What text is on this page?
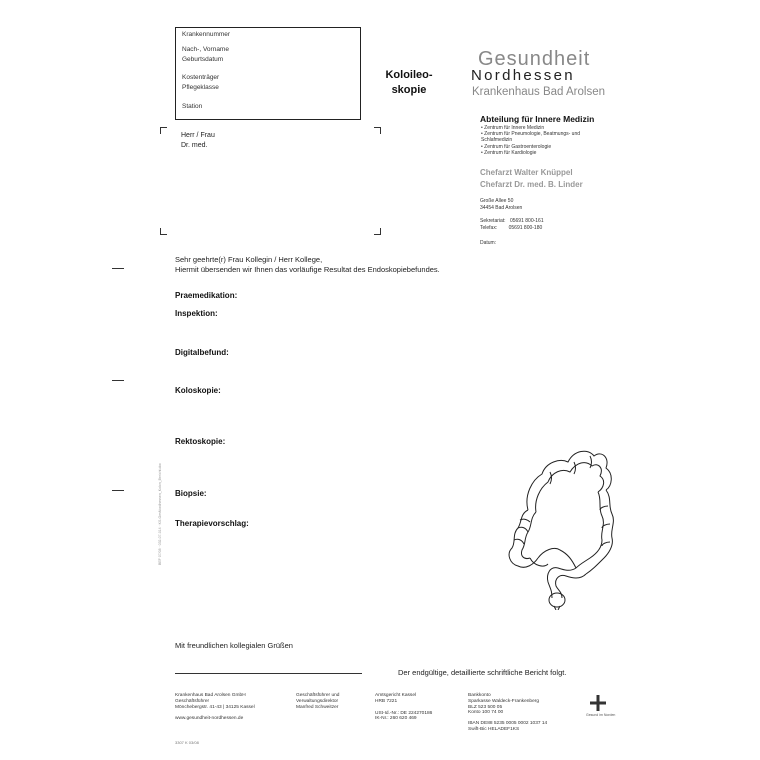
Krankennummer
Nach-, Vorname
Geburtsdatum
Kostenträger
Pflegeklasse
Station
Herr / Frau
Dr. med.
Koloileo-
skopie
Gesundheit
Nordhessen
Krankenhaus Bad Arolsen
Abteilung für Innere Medizin
• Zentrum für Innere Medizin
• Zentrum für Pneumologie, Beatmungs- und Schlafmedizin
• Zentrum für Gastroenterologie
• Zentrum für Kardiologie
Chefarzt Walter Knüppel
Chefarzt Dr. med. B. Linder
Große Allee 50
34454 Bad Arolsen
Sekretariat: 05691 800-161
Telefax: 05691 800-180
Datum:
Sehr geehrte(r) Frau Kollegin / Herr Kollege,
Hiermit übersenden wir Ihnen das vorläufige Resultat des Endoskopiebefundes.
Praemedikation:
Inspektion:
Digitalbefund:
Koloskopie:
Rektoskopie:
Biopsie:
Therapievorschlag:
BEF 07/08 · 032-07-014 · KS-GesNordhessen_Kolon_Bericht.doc
Mit freundlichen kollegialen Grüßen
Der endgültige, detaillierte schriftliche Bericht folgt.
Krankenhaus Bad Arolsen GmbH
Geschäftsführer
Mönchebergstr. 41-43 | 34125 Kassel
www.gesundheit-nordhessen.de
Geschäftsführer und
Verwaltungsdirektor
Manfred Schweitzer
Amtsgericht Kassel
HRB 7221
USt-Id.-Nr.: DE 224270186
IK-Nr.: 260 620 469
Bankkonto
Sparkasse Waldeck-Frankenberg
BLZ 523 500 05
Konto 100 74 00
IBAN DE88 5235 0005 0002 1037 14
Swift-Bic HELADEF1KS
Gesund im Norden
3307 K 03/08
